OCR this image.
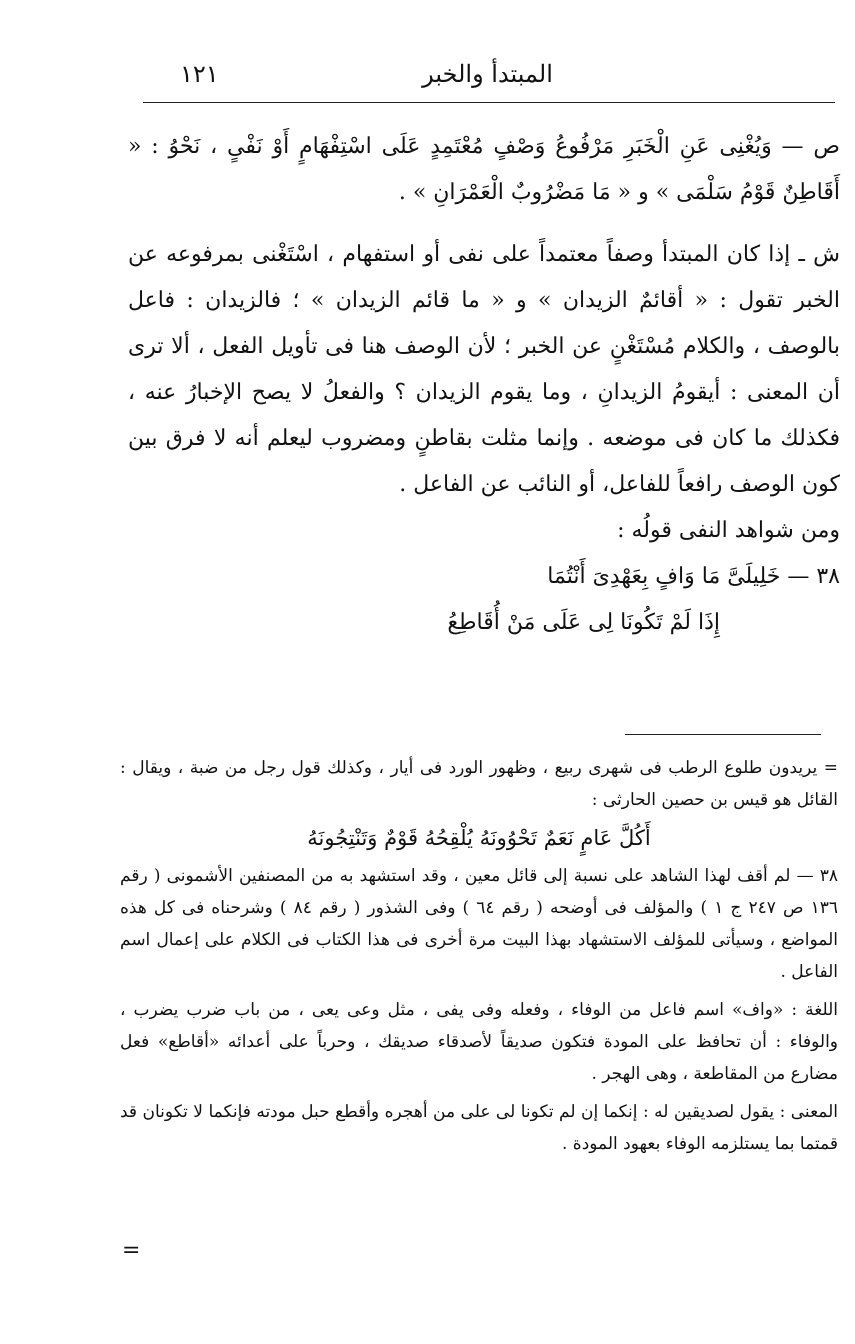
المبتدأ والخبر
١٢١

ص — وَيُغْنِى عَنِ الْخَبَرِ مَرْفُوعُ وَصْفٍ مُعْتَمِدٍ عَلَى اسْتِفْهَامٍ أَوْ نَفْىٍ ، نَحْوُ : « أَقَاطِنٌ قَوْمُ سَلْمَى » و « مَا مَضْرُوبٌ الْعَمْرَانِ » .

ش ـ إذا كان المبتدأ وصفاً معتمداً على نفى أو استفهام ، اسْتَغْنى بمرفوعه عن الخبر تقول : « أقائمٌ الزيدان » و « ما قائم الزيدان » ؛ فالزيدان : فاعل بالوصف ، والكلام مُسْتَغْنٍ عن الخبر ؛ لأن الوصف هنا فى تأويل الفعل ، ألا ترى أن المعنى : أيقومُ الزيدانِ ، وما يقوم الزيدان ؟ والفعلُ لا يصح الإخبارُ عنه ، فكذلك ما كان فى موضعه . وإنما مثلت بقاطنٍ ومضروب ليعلم أنه لا فرق بين كون الوصف رافعاً للفاعل، أو النائب عن الفاعل .

ومن شواهد النفى قولُه :

٣٨ — خَلِيلَىَّ مَا وَافٍ بِعَهْدِىَ أَنْتُمَا

إِذَا لَمْ تَكُونَا لِى عَلَى مَنْ أُقَاطِعُ

= يريدون طلوع الرطب فى شهرى ربيع ، وظهور الورد فى أيار ، وكذلك قول رجل من ضبة ، ويقال : القائل هو قيس بن حصين الحارثى :

أَكُلَّ عَامٍ نَعَمٌ تَحْوُونَهُ يُلْقِحُهُ قَوْمٌ وَتَنْتِجُونَهُ

٣٨ — لم أقف لهذا الشاهد على نسبة إلى قائل معين ، وقد استشهد به من المصنفين الأشمونى ( رقم ١٣٦ ص ٢٤٧ ج ١ ) والمؤلف فى أوضحه ( رقم ٦٤ ) وفى الشذور ( رقم ٨٤ ) وشرحناه فى كل هذه المواضع ، وسيأتى للمؤلف الاستشهاد بهذا البيت مرة أخرى فى هذا الكتاب فى الكلام على إعمال اسم الفاعل .

اللغة : «واف» اسم فاعل من الوفاء ، وفعله وفى يفى ، مثل وعى يعى ، من باب ضرب يضرب ، والوفاء : أن تحافظ على المودة فتكون صديقاً لأصدقاء صديقك ، وحرباً على أعدائه «أقاطع» فعل مضارع من المقاطعة ، وهى الهجر .

المعنى : يقول لصديقين له : إنكما إن لم تكونا لى على من أهجره وأقطع حبل مودته فإنكما لا تكونان قد قمتما بما يستلزمه الوفاء بعهود المودة .

=
